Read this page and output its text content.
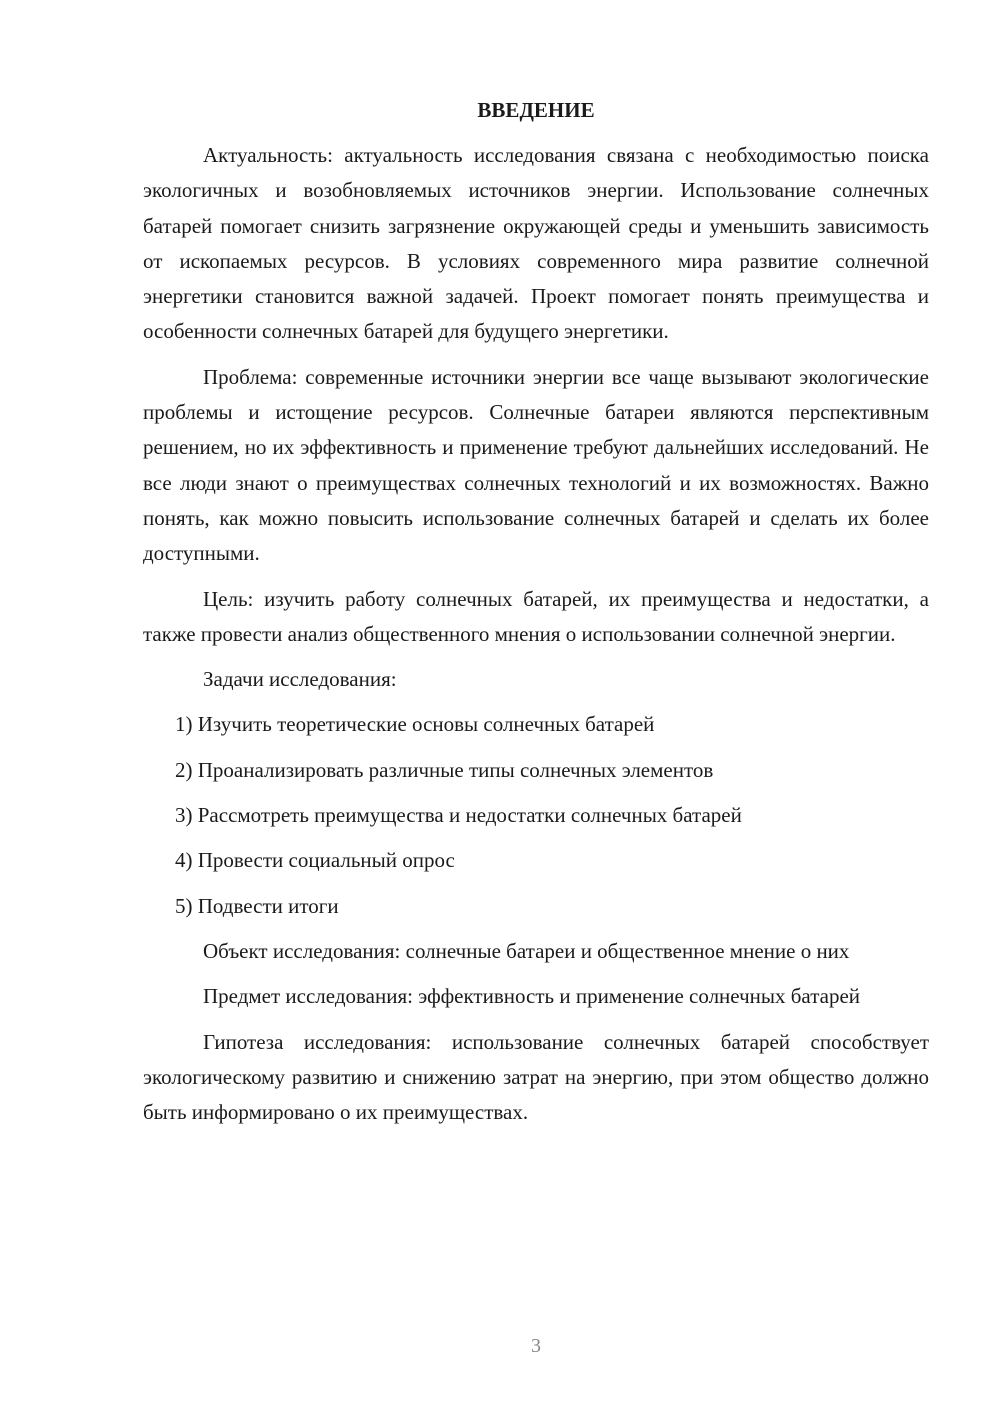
ВВЕДЕНИЕ
Актуальность: актуальность исследования связана с необходимостью поиска экологичных и возобновляемых источников энергии. Использование солнечных батарей помогает снизить загрязнение окружающей среды и уменьшить зависимость от ископаемых ресурсов. В условиях современного мира развитие солнечной энергетики становится важной задачей. Проект помогает понять преимущества и особенности солнечных батарей для будущего энергетики.
Проблема: современные источники энергии все чаще вызывают экологические проблемы и истощение ресурсов. Солнечные батареи являются перспективным решением, но их эффективность и применение требуют дальнейших исследований. Не все люди знают о преимуществах солнечных технологий и их возможностях. Важно понять, как можно повысить использование солнечных батарей и сделать их более доступными.
Цель: изучить работу солнечных батарей, их преимущества и недостатки, а также провести анализ общественного мнения о использовании солнечной энергии.
Задачи исследования:
1) Изучить теоретические основы солнечных батарей
2) Проанализировать различные типы солнечных элементов
3) Рассмотреть преимущества и недостатки солнечных батарей
4) Провести социальный опрос
5) Подвести итоги
Объект исследования: солнечные батареи и общественное мнение о них
Предмет исследования: эффективность и применение солнечных батарей
Гипотеза исследования: использование солнечных батарей способствует экологическому развитию и снижению затрат на энергию, при этом общество должно быть информировано о их преимуществах.
3
